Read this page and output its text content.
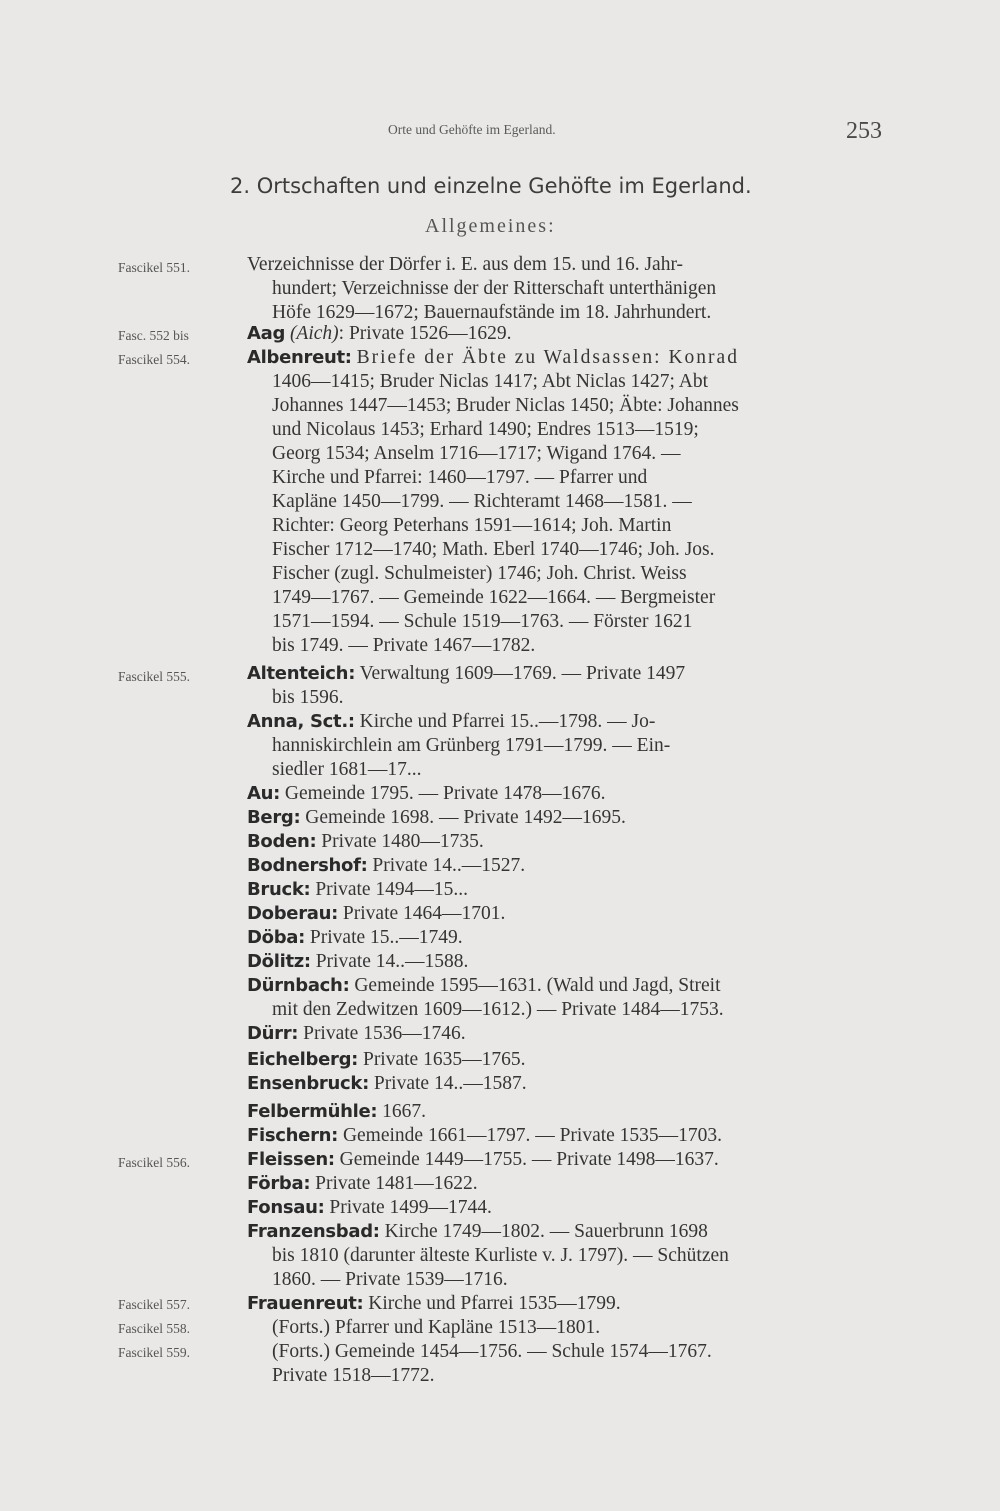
Orte und Gehöfte im Egerland.	253
2. Ortschaften und einzelne Gehöfte im Egerland.
Allgemeines:
Fascikel 551.
Fasc. 552 bis
Fascikel 554.
Fascikel 555.
Fascikel 556.
Fascikel 557.
Fascikel 558.
Fascikel 559.
Verzeichnisse der Dörfer i. E. aus dem 15. und 16. Jahr-
hundert; Verzeichnisse der der Ritterschaft unterthänigen
Höfe 1629—1672; Bauernaufstände im 18. Jahrhundert.
Aag (Aich): Private 1526—1629.
Albenreut: Briefe der Äbte zu Waldsassen: Konrad
1406—1415; Bruder Niclas 1417; Abt Niclas 1427; Abt
Johannes 1447—1453; Bruder Niclas 1450; Äbte: Johannes
und Nicolaus 1453; Erhard 1490; Endres 1513—1519;
Georg 1534; Anselm 1716—1717; Wigand 1764. —
Kirche und Pfarrei: 1460—1797. — Pfarrer und
Kapläne 1450—1799. — Richteramt 1468—1581. —
Richter: Georg Peterhans 1591—1614; Joh. Martin
Fischer 1712—1740; Math. Eberl 1740—1746; Joh. Jos.
Fischer (zugl. Schulmeister) 1746; Joh. Christ. Weiss
1749—1767. — Gemeinde 1622—1664. — Bergmeister
1571—1594. — Schule 1519—1763. — Förster 1621
bis 1749. — Private 1467—1782.
Altenteich: Verwaltung 1609—1769. — Private 1497
bis 1596.
Anna, Sct.: Kirche und Pfarrei 15..—1798. — Jo-
hanniskirchlein am Grünberg 1791—1799. — Ein-
siedler 1681—17...
Au: Gemeinde 1795. — Private 1478—1676.
Berg: Gemeinde 1698. — Private 1492—1695.
Boden: Private 1480—1735.
Bodnershof: Private 14..—1527.
Bruck: Private 1494—15...
Doberau: Private 1464—1701.
Döba: Private 15..—1749.
Dölitz: Private 14..—1588.
Dürnbach: Gemeinde 1595—1631. (Wald und Jagd, Streit
mit den Zedwitzen 1609—1612.) — Private 1484—1753.
Dürr: Private 1536—1746.
Eichelberg: Private 1635—1765.
Ensenbruck: Private 14..—1587.
Felbermühle: 1667.
Fischern: Gemeinde 1661—1797. — Private 1535—1703.
Fleissen: Gemeinde 1449—1755. — Private 1498—1637.
Förba: Private 1481—1622.
Fonsau: Private 1499—1744.
Franzensbad: Kirche 1749—1802. — Sauerbrunn 1698
bis 1810 (darunter älteste Kurliste v. J. 1797). — Schützen
1860. — Private 1539—1716.
Frauenreut: Kirche und Pfarrei 1535—1799.
(Forts.) Pfarrer und Kapläne 1513—1801.
(Forts.) Gemeinde 1454—1756. — Schule 1574—1767.
Private 1518—1772.
